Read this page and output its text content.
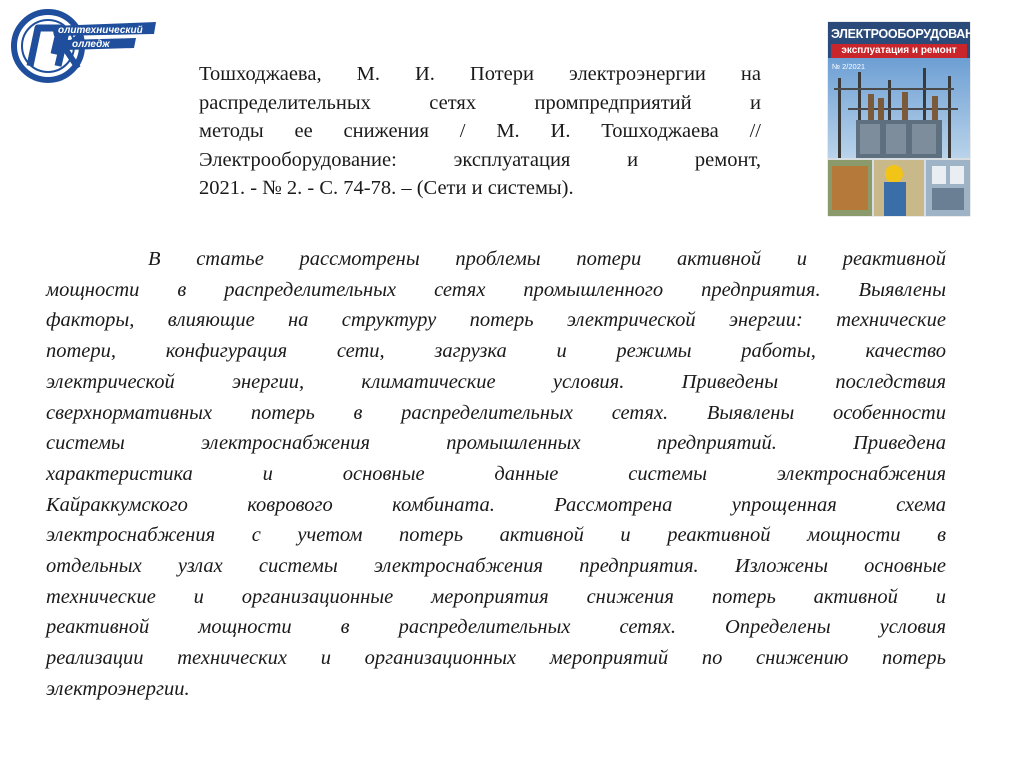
олитехнический
олледж
Тошходжаева, М. И. Потери электроэнергии на
распределительных сетях промпредприятий и
методы ее снижения / М. И. Тошходжаева //
Электрооборудование: эксплуатация и ремонт,
2021. - № 2. - С. 74-78. – (Сети и системы).
ЭЛЕКТРООБОРУДОВАНИЕ
эксплуатация и ремонт
№ 2/2021
В статье рассмотрены проблемы потери активной и реактивной
мощности в распределительных сетях промышленного предприятия. Выявлены
факторы, влияющие на структуру потерь электрической энергии: технические
потери, конфигурация сети, загрузка и режимы работы, качество
электрической энергии, климатические условия. Приведены последствия
сверхнормативных потерь в распределительных сетях. Выявлены особенности
системы электроснабжения промышленных предприятий. Приведена
характеристика и основные данные системы электроснабжения
Кайраккумского коврового комбината. Рассмотрена упрощенная схема
электроснабжения с учетом потерь активной и реактивной мощности в
отдельных узлах системы электроснабжения предприятия. Изложены основные
технические и организационные мероприятия снижения потерь активной и
реактивной мощности в распределительных сетях. Определены условия
реализации технических и организационных мероприятий по снижению потерь
электроэнергии.
